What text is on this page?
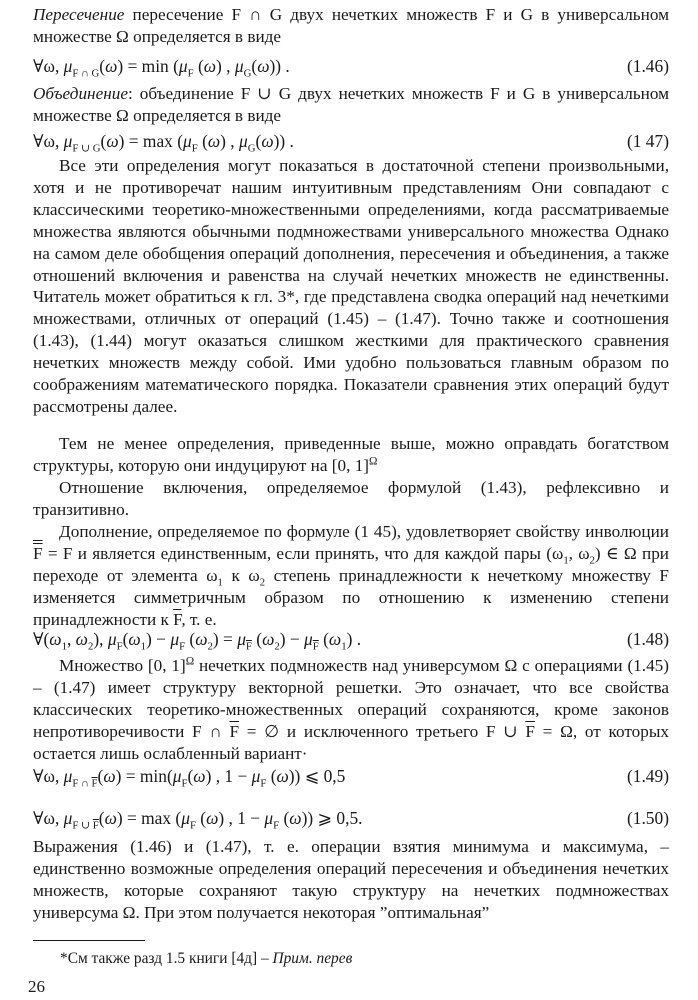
Пересечение пересечение F ∩ G двух нечетких множеств F и G в универсальном множестве Ω определяется в виде

∀ω, $\mu_{F \cap G}(\omega) = \min (\mu_F$ (ω) , $\mu_G(\omega)$) .	(1.46)

Объединение: объединение F ∪ G двух нечетких множеств F и G в универсальном множестве Ω определяется в виде

∀ω, $\mu_{F \cup G}(\omega) = \max (\mu_F$ (ω) , $\mu_G(\omega)$) .	(1 47)

Все эти определения могут показаться в достаточной степени произвольными, хотя и не противоречат нашим интуитивным представлениям Они совпадают с классическими теоретико-множественными определениями, когда рассматриваемые множества являются обычными подмножествами универсального множества Однако на самом деле обобщения операций дополнения, пересечения и объединения, а также отношений включения и равенства на случай нечетких множеств не единственны. Читатель может обратиться к гл. 3*, где представлена сводка операций над нечеткими множествами, отличных от операций (1.45) – (1.47). Точно также и соотношения (1.43), (1.44) могут оказаться слишком жесткими для практического сравнения нечетких множеств между собой. Ими удобно пользоваться главным образом по соображениям математического порядка. Показатели сравнения этих операций будут рассмотрены далее.

Тем не менее определения, приведенные выше, можно оправдать богатством структуры, которую они индуцируют на [0, 1]$^\Omega$

Отношение включения, определяемое формулой (1.43), рефлексивно и транзитивно.

Дополнение, определяемое по формуле (1 45), удовлетворяет свойству инволюции F = F и является единственным, если принять, что для каждой пары ($\omega_1$, $\omega_2$) ∈ Ω при переходе от элемента $\omega_1$ к $\omega_2$ степень принадлежности к нечеткому множеству F изменяется симметричным образом по отношению к изменению степени принадлежности к $\overline{F}$, т. е.

$\forall(\omega_1$, $\omega_2$), $\mu_F(\omega_1) - \mu_F$ $(\omega_2) = \mu_{\overline{F}}$ $(\omega_2) - \mu_{\overline{F}}$ $(\omega_1)$ .	(1.48)

Множество [0, 1]$^\Omega$ нечетких подмножеств над универсумом Ω с операциями (1.45) – (1.47) имеет структуру векторной решетки. Это означает, что все свойства классических теоретико-множественных операций сохраняются, кроме законов непротиворечивости F ∩ $\overline{F}$ = ∅ и исключенного третьего F ∪ $\overline{F} = \Omega$, от которых остается лишь ослабленный вариант·

∀ω, $\mu_{F \cap \overline{F}}(\omega) = \min(\mu_F(\omega)$ , $1 - \mu_F$ (ω)) ⩽ 0,5	(1.49)
∀ω, $\mu_{F \cup \overline{F}}(\omega) = \max (\mu_F$ (ω) , $1 - \mu_F$ (ω)) ⩾ 0,5.	(1.50)

Выражения (1.46) и (1.47), т. е. операции взятия минимума и максимума, – единственно возможные определения операций пересечения и объединения нечетких множеств, которые сохраняют такую структуру на нечетких подмножествах универсума Ω. При этом получается некоторая ”оптимальная”

*См также разд 1.5 книги [4д] – Прим. перев
26
